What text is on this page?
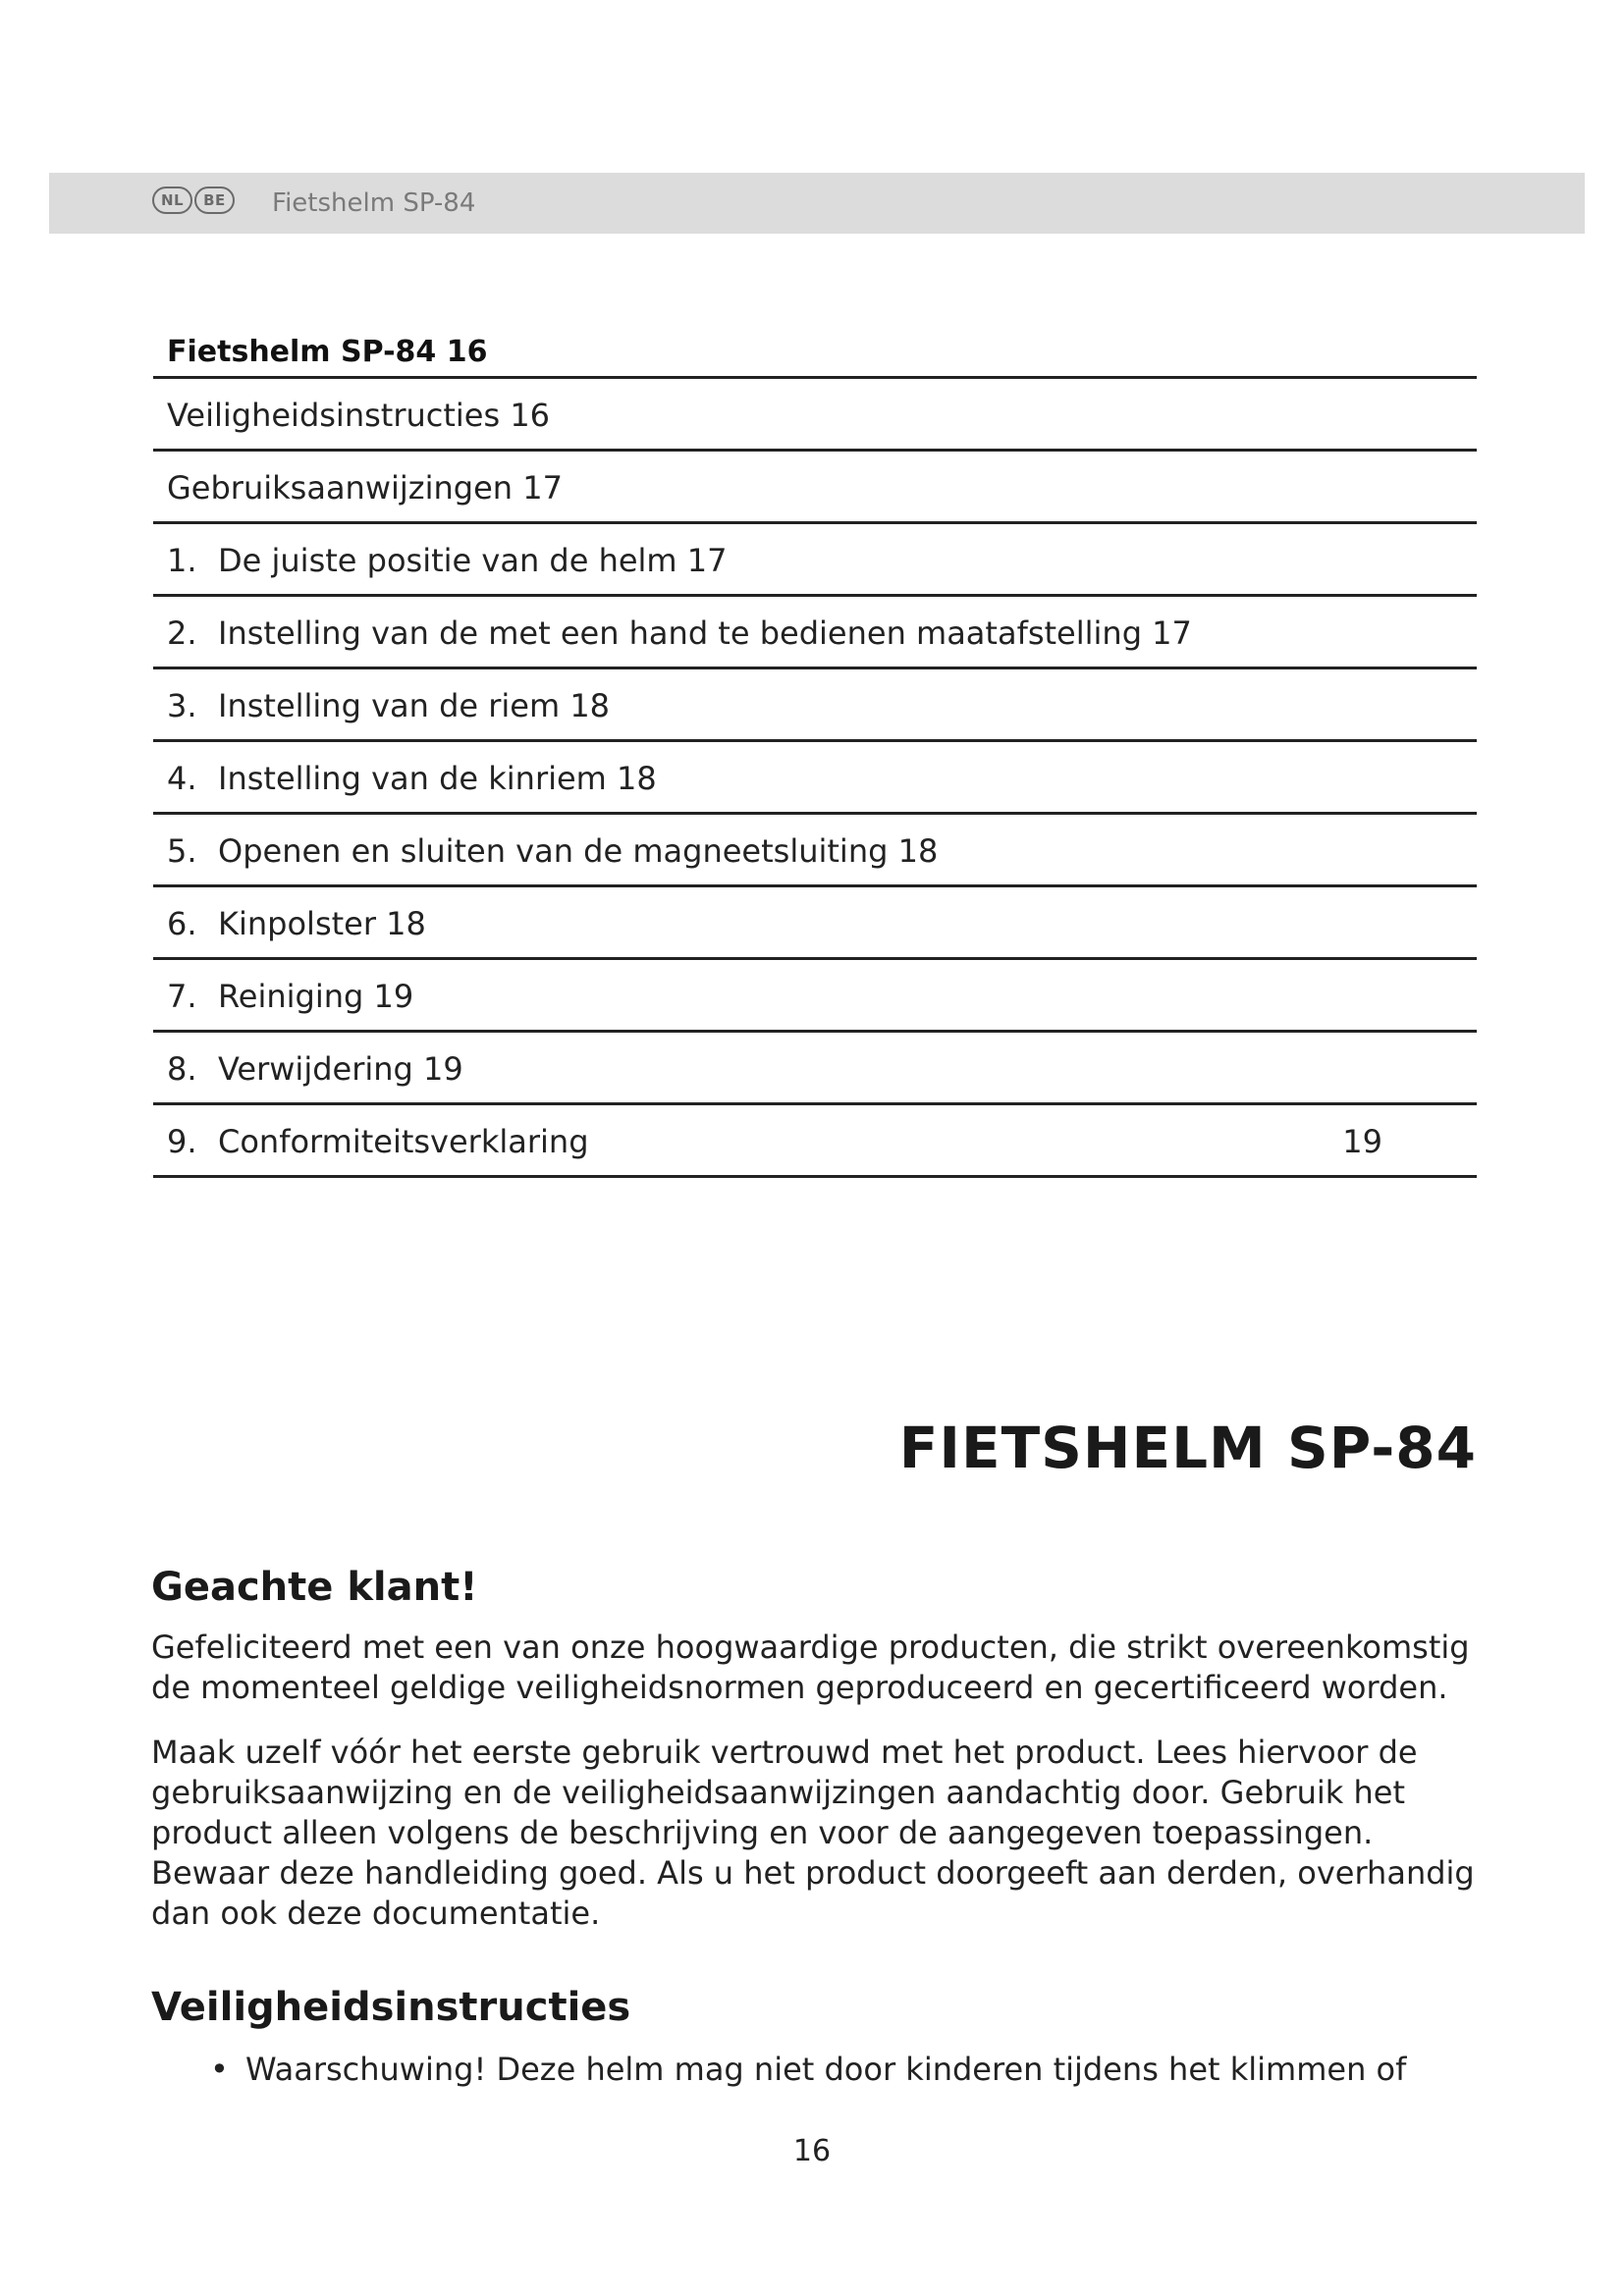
NL	BE	Fietshelm SP-84
Fietshelm SP-84 16
Veiligheidsinstructies 16
Gebruiksaanwijzingen 17
1. De juiste positie van de helm 17
2. Instelling van de met een hand te bedienen maatafstelling 17
3. Instelling van de riem 18
4. Instelling van de kinriem 18
5. Openen en sluiten van de magneetsluiting 18
6. Kinpolster 18
7. Reiniging 19
8. Verwijdering 19
9. Conformiteitsverklaring	19
FIETSHELM SP-84
Geachte klant!
Gefeliciteerd met een van onze hoogwaardige producten, die strikt overeenkomstig de momenteel geldige veiligheidsnormen geproduceerd en gecertificeerd worden.
Maak uzelf vóór het eerste gebruik vertrouwd met het product. Lees hiervoor de gebruiksaanwijzing en de veiligheidsaanwijzingen aandachtig door. Gebruik het product alleen volgens de beschrijving en voor de aangegeven toepassingen. Bewaar deze handleiding goed. Als u het product doorgeeft aan derden, overhandig dan ook deze documentatie.
Veiligheidsinstructies
• Waarschuwing! Deze helm mag niet door kinderen tijdens het klimmen of
16
